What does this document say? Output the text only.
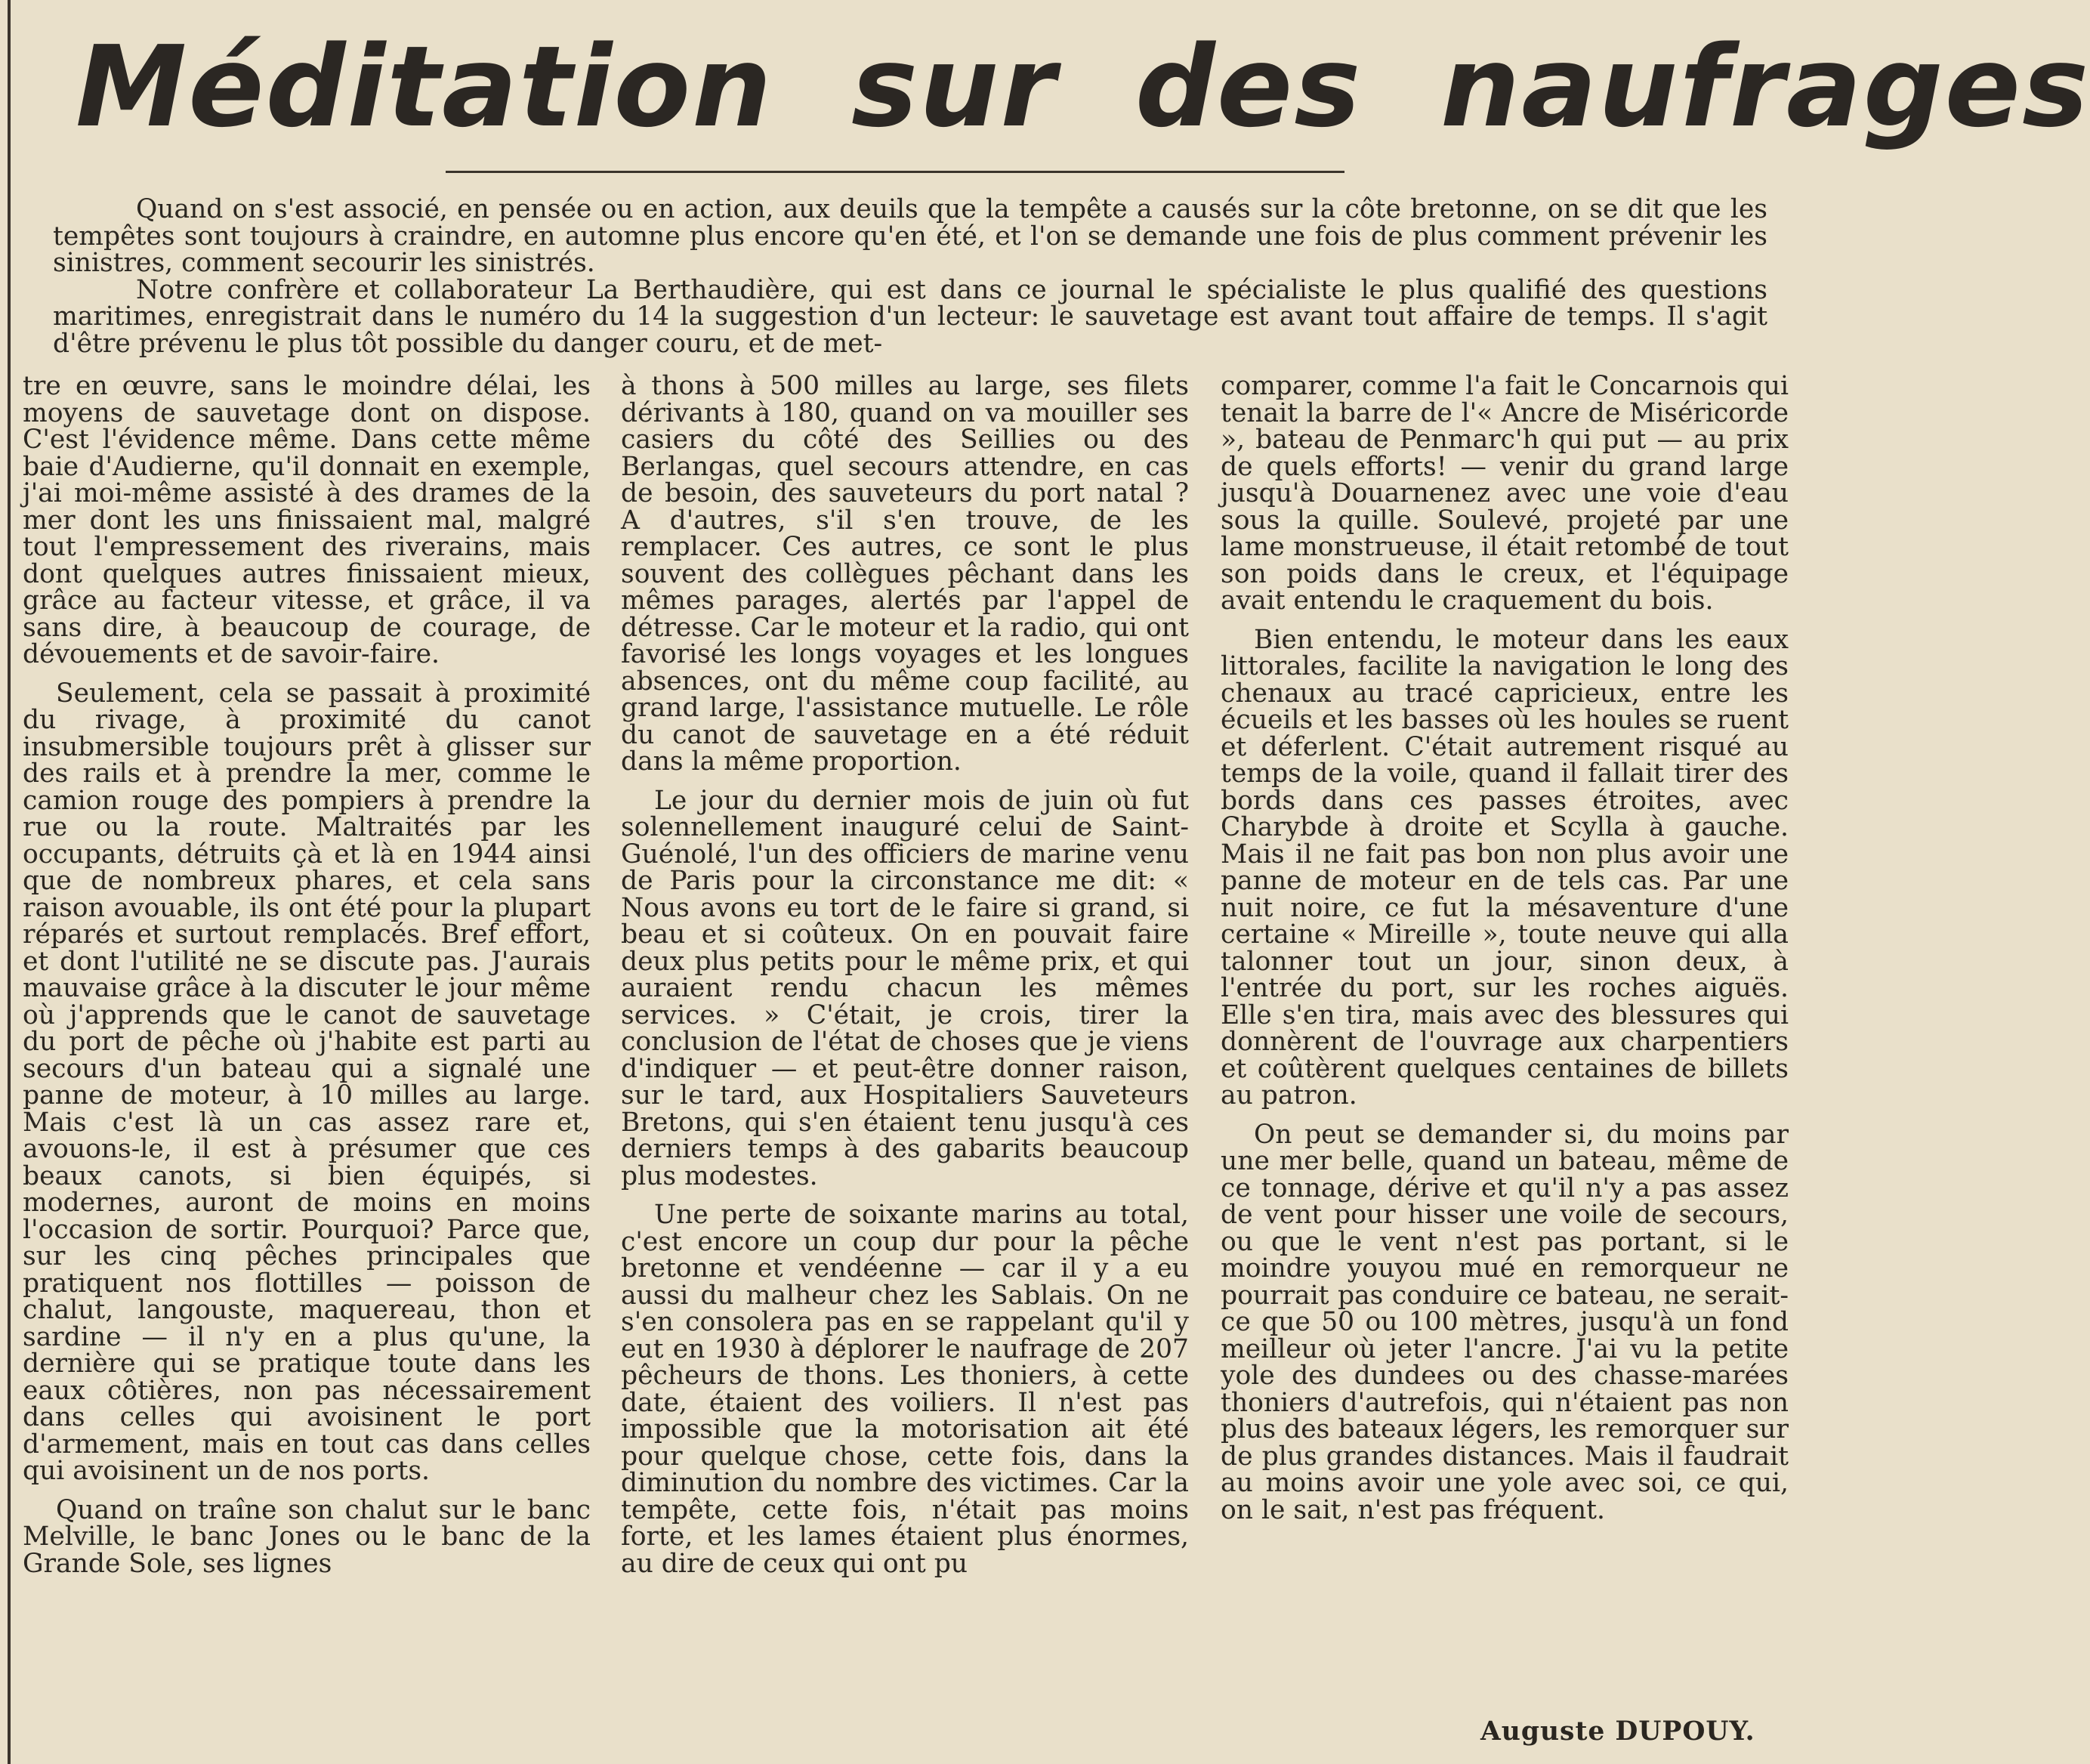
Méditation sur des naufrages

Quand on s'est associé, en pensée ou en action, aux deuils que la tempête a causés sur la côte bretonne, on se dit que les tempêtes sont toujours à craindre, en automne plus encore qu'en été, et l'on se demande une fois de plus comment prévenir les sinistres, comment secourir les sinistrés.

Notre confrère et collaborateur La Berthaudière, qui est dans ce journal le spécialiste le plus qualifié des questions maritimes, enregistrait dans le numéro du 14 la suggestion d'un lecteur: le sauvetage est avant tout affaire de temps. Il s'agit d'être prévenu le plus tôt possible du danger couru, et de met-

tre en œuvre, sans le moindre délai, les moyens de sauvetage dont on dispose. C'est l'évidence même. Dans cette même baie d'Audierne, qu'il donnait en exemple, j'ai moi-même assisté à des drames de la mer dont les uns finissaient mal, malgré tout l'empressement des riverains, mais dont quelques autres finissaient mieux, grâce au facteur vitesse, et grâce, il va sans dire, à beaucoup de courage, de dévouements et de savoir-faire.

Seulement, cela se passait à proximité du rivage, à proximité du canot insubmersible toujours prêt à glisser sur des rails et à prendre la mer, comme le camion rouge des pompiers à prendre la rue ou la route. Maltraités par les occupants, détruits çà et là en 1944 ainsi que de nombreux phares, et cela sans raison avouable, ils ont été pour la plupart réparés et surtout remplacés. Bref effort, et dont l'utilité ne se discute pas. J'aurais mauvaise grâce à la discuter le jour même où j'apprends que le canot de sauvetage du port de pêche où j'habite est parti au secours d'un bateau qui a signalé une panne de moteur, à 10 milles au large. Mais c'est là un cas assez rare et, avouons-le, il est à présumer que ces beaux canots, si bien équipés, si modernes, auront de moins en moins l'occasion de sortir. Pourquoi? Parce que, sur les cinq pêches principales que pratiquent nos flottilles — poisson de chalut, langouste, maquereau, thon et sardine — il n'y en a plus qu'une, la dernière qui se pratique toute dans les eaux côtières, non pas nécessairement dans celles qui avoisinent le port d'armement, mais en tout cas dans celles qui avoisinent un de nos ports.

Quand on traîne son chalut sur le banc Melville, le banc Jones ou le banc de la Grande Sole, ses lignes

à thons à 500 milles au large, ses filets dérivants à 180, quand on va mouiller ses casiers du côté des Seillies ou des Berlangas, quel secours attendre, en cas de besoin, des sauveteurs du port natal ? A d'autres, s'il s'en trouve, de les remplacer. Ces autres, ce sont le plus souvent des collègues pêchant dans les mêmes parages, alertés par l'appel de détresse. Car le moteur et la radio, qui ont favorisé les longs voyages et les longues absences, ont du même coup facilité, au grand large, l'assistance mutuelle. Le rôle du canot de sauvetage en a été réduit dans la même proportion.

Le jour du dernier mois de juin où fut solennellement inauguré celui de Saint-Guénolé, l'un des officiers de marine venu de Paris pour la circonstance me dit: « Nous avons eu tort de le faire si grand, si beau et si coûteux. On en pouvait faire deux plus petits pour le même prix, et qui auraient rendu chacun les mêmes services. » C'était, je crois, tirer la conclusion de l'état de choses que je viens d'indiquer — et peut-être donner raison, sur le tard, aux Hospitaliers Sauveteurs Bretons, qui s'en étaient tenu jusqu'à ces derniers temps à des gabarits beaucoup plus modestes.

Une perte de soixante marins au total, c'est encore un coup dur pour la pêche bretonne et vendéenne — car il y a eu aussi du malheur chez les Sablais. On ne s'en consolera pas en se rappelant qu'il y eut en 1930 à déplorer le naufrage de 207 pêcheurs de thons. Les thoniers, à cette date, étaient des voiliers. Il n'est pas impossible que la motorisation ait été pour quelque chose, cette fois, dans la diminution du nombre des victimes. Car la tempête, cette fois, n'était pas moins forte, et les lames étaient plus énormes, au dire de ceux qui ont pu

comparer, comme l'a fait le Concarnois qui tenait la barre de l'« Ancre de Miséricorde », bateau de Penmarc'h qui put — au prix de quels efforts! — venir du grand large jusqu'à Douarnenez avec une voie d'eau sous la quille. Soulevé, projeté par une lame monstrueuse, il était retombé de tout son poids dans le creux, et l'équipage avait entendu le craquement du bois.

Bien entendu, le moteur dans les eaux littorales, facilite la navigation le long des chenaux au tracé capricieux, entre les écueils et les basses où les houles se ruent et déferlent. C'était autrement risqué au temps de la voile, quand il fallait tirer des bords dans ces passes étroites, avec Charybde à droite et Scylla à gauche. Mais il ne fait pas bon non plus avoir une panne de moteur en de tels cas. Par une nuit noire, ce fut la mésaventure d'une certaine « Mireille », toute neuve qui alla talonner tout un jour, sinon deux, à l'entrée du port, sur les roches aiguës. Elle s'en tira, mais avec des blessures qui donnèrent de l'ouvrage aux charpentiers et coûtèrent quelques centaines de billets au patron.

On peut se demander si, du moins par une mer belle, quand un bateau, même de ce tonnage, dérive et qu'il n'y a pas assez de vent pour hisser une voile de secours, ou que le vent n'est pas portant, si le moindre youyou mué en remorqueur ne pourrait pas conduire ce bateau, ne serait-ce que 50 ou 100 mètres, jusqu'à un fond meilleur où jeter l'ancre. J'ai vu la petite yole des dundees ou des chasse-marées thoniers d'autrefois, qui n'étaient pas non plus des bateaux légers, les remorquer sur de plus grandes distances. Mais il faudrait au moins avoir une yole avec soi, ce qui, on le sait, n'est pas fréquent.

Auguste DUPOUY.
